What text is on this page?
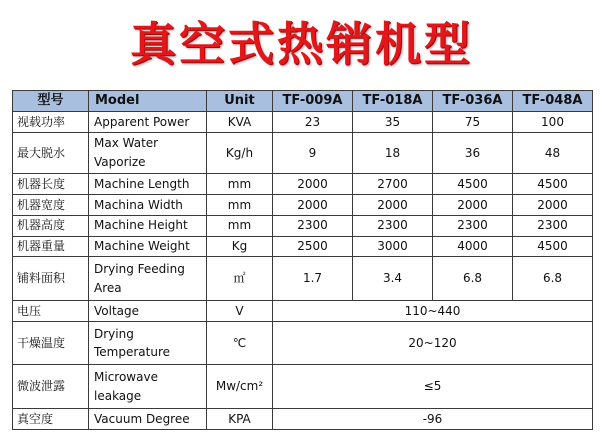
真空式热销机型
型号	Model	Unit	TF-009A	TF-018A	TF-036A	TF-048A
视载功率	Apparent Power	KVA	23	35	75	100
最大脱水	Max Water Vaporize	Kg/h	9	18	36	48
机器长度	Machine Length	mm	2000	2700	4500	4500
机器宽度	Machina Width	mm	2000	2000	2000	2000
机器高度	Machine Height	mm	2300	2300	2300	2300
机器重量	Machine Weight	Kg	2500	3000	4000	4500
铺料面积	Drying Feeding Area	㎡	1.7	3.4	6.8	6.8
电压	Voltage	V	110~440			
干燥温度	Drying Temperature	℃	20~120			
微波泄露	Microwave leakage	Mw/cm²	≤5			
真空度	Vacuum Degree	KPA	-96			
